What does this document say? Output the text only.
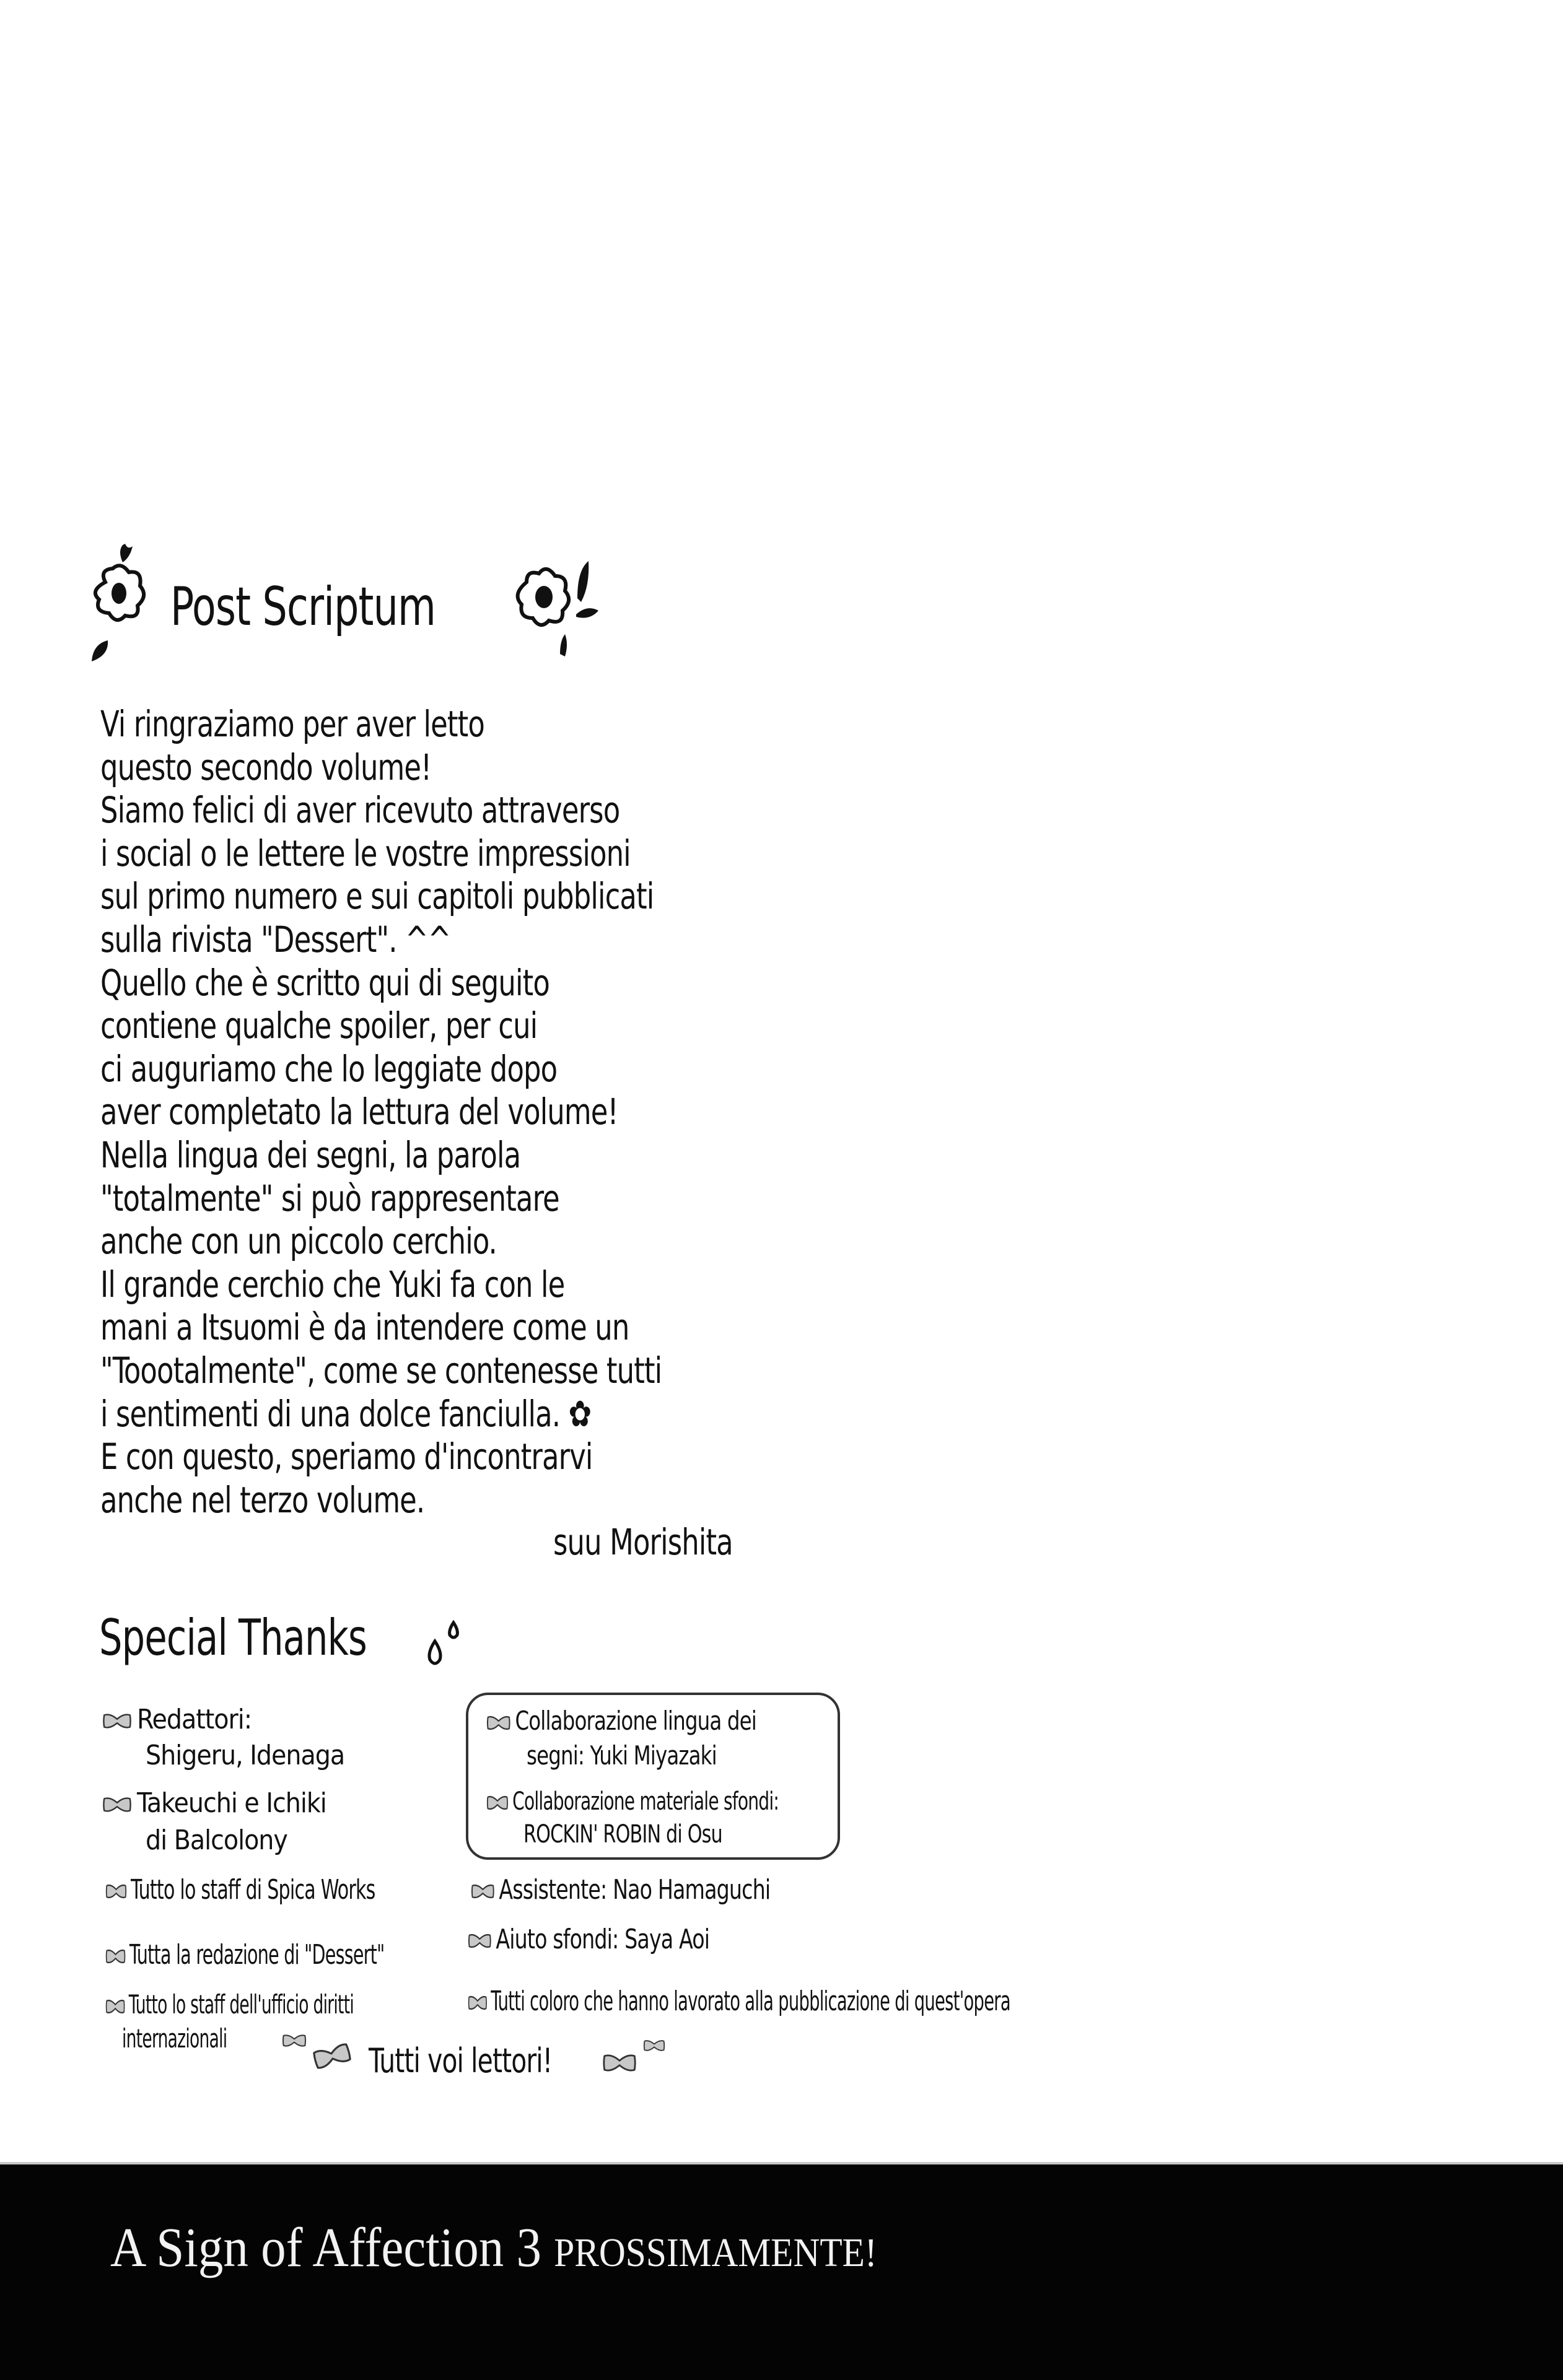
Post Scriptum
Vi ringraziamo per aver letto
questo secondo volume!
Siamo felici di aver ricevuto attraverso
i social o le lettere le vostre impressioni
sul primo numero e sui capitoli pubblicati
sulla rivista "Dessert". ^^
Quello che è scritto qui di seguito
contiene qualche spoiler, per cui
ci auguriamo che lo leggiate dopo
aver completato la lettura del volume!
Nella lingua dei segni, la parola
"totalmente" si può rappresentare
anche con un piccolo cerchio.
Il grande cerchio che Yuki fa con le
mani a Itsuomi è da intendere come un
"Toootalmente", come se contenesse tutti
i sentimenti di una dolce fanciulla. ✿
E con questo, speriamo d'incontrarvi
anche nel terzo volume.
suu Morishita
Special Thanks
Redattori:
Shigeru, Idenaga
Takeuchi e Ichiki
di Balcolony
Collaborazione lingua dei
segni: Yuki Miyazaki
Collaborazione materiale sfondi:
ROCKIN' ROBIN di Osu
Tutto lo staff di Spica Works	Assistente: Nao Hamaguchi
Tutta la redazione di "Dessert"	Aiuto sfondi: Saya Aoi
Tutto lo staff dell'ufficio diritti
internazionali
Tutti coloro che hanno lavorato alla pubblicazione di quest'opera
Tutti voi lettori!
A Sign of Affection 3 PROSSIMAMENTE!
